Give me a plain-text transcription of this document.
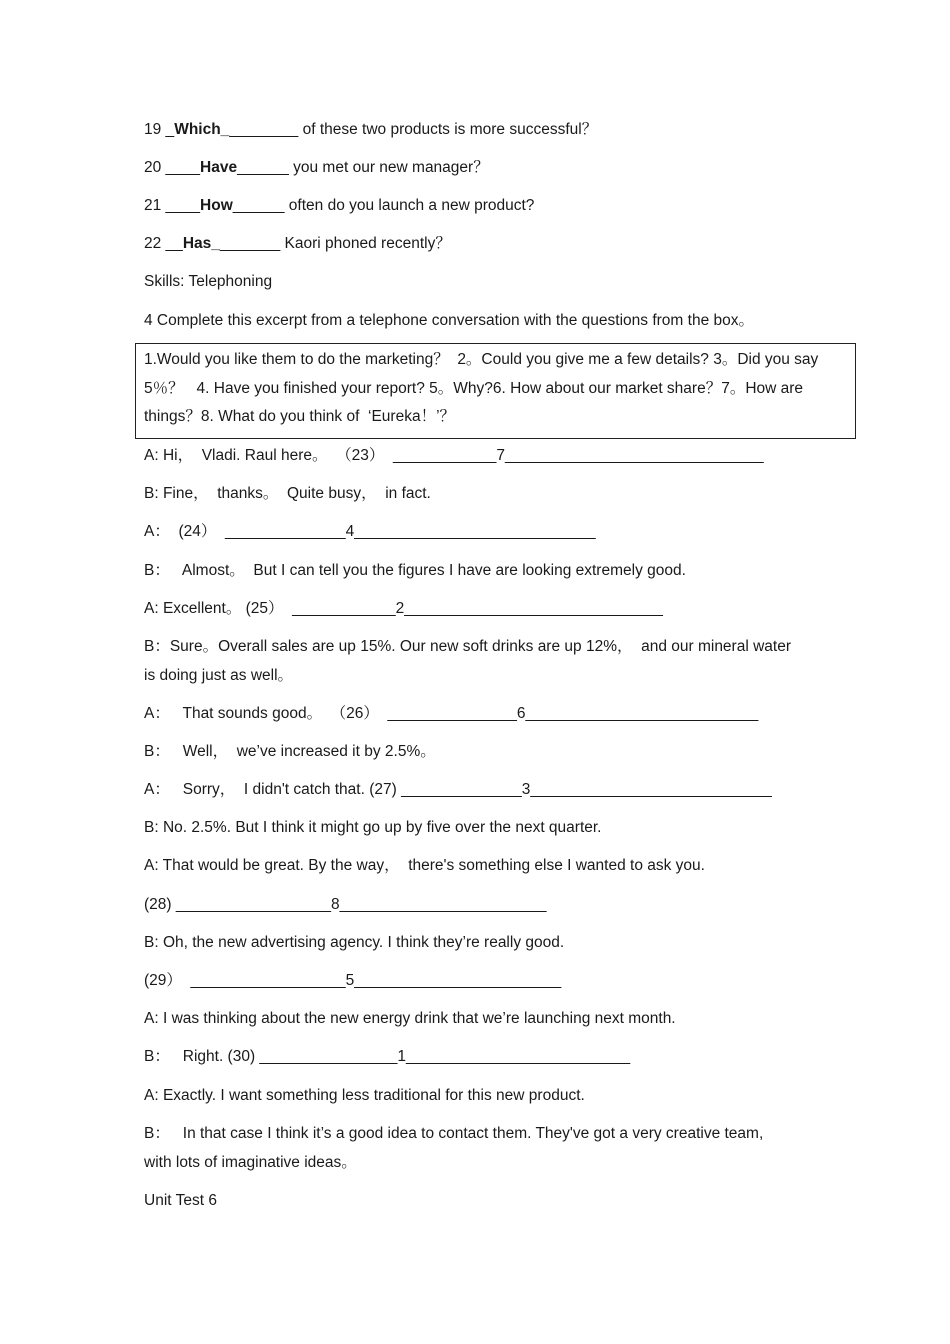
19 _Which_________ of these two products is more successful？
20 ____Have______ you met our new manager？
21 ____How______ often do you launch a new product?
22 __Has________ Kaori phoned recently？
Skills: Telephoning
4 Complete this excerpt from a telephone conversation with the questions from the box。
1.Would you like them to do the marketing？  2。Could you give me a few details? 3。Did you say
5％？   4. Have you finished your report? 5。Why?6. How about our market share？7。How are
things？8. What do you think of  ‘Eureka！’？
A: Hi，  Vladi. Raul here。  （23）  ____________7______________________________
B: Fine，  thanks。  Quite busy，  in fact.
A：  (24）  ______________4____________________________
B：   Almost。  But I can tell you the figures I have are looking extremely good.
A: Excellent。 (25）  ____________2______________________________
B：Sure。Overall sales are up 15%. Our new soft drinks are up 12%，  and our mineral water
is doing just as well。
A：   That sounds good。  （26）  _______________6___________________________
B：   Well，  we’ve increased it by 2.5%。
A：   Sorry，  I didn't catch that. (27) ______________3____________________________
B: No. 2.5%. But I think it might go up by five over the next quarter.
A: That would be great. By the way，  there's something else I wanted to ask you.
(28) __________________8________________________
B: Oh, the new advertising agency. I think they’re really good.
(29）  __________________5________________________
A: I was thinking about the new energy drink that we’re launching next month.
B：   Right. (30) ________________1__________________________
A: Exactly. I want something less traditional for this new product.
B：   In that case I think it’s a good idea to contact them. They've got a very creative team,
with lots of imaginative ideas。
Unit Test 6
